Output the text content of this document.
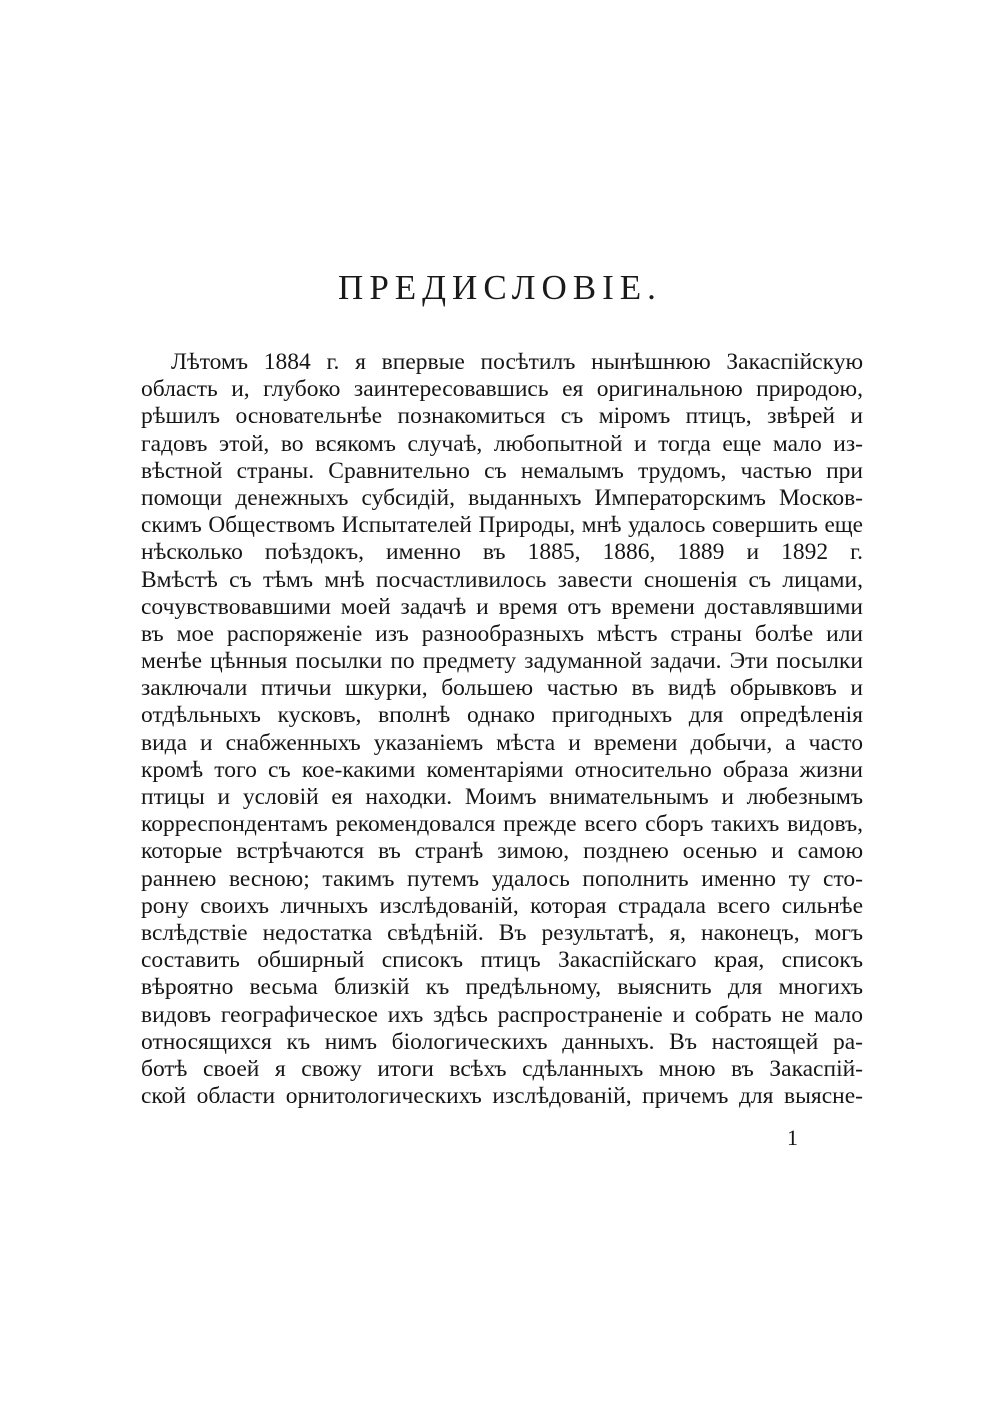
ПРЕДИСЛОВІЕ.
Лѣтомъ 1884 г. я впервые посѣтилъ нынѣшнюю Закаспійскую
область и, глубоко заинтересовавшись ея оригинальною природою,
рѣшилъ основательнѣе познакомиться съ міромъ птицъ, звѣрей и
гадовъ этой, во всякомъ случаѣ, любопытной и тогда еще мало из-
вѣстной страны. Сравнительно съ немалымъ трудомъ, частью при
помощи денежныхъ субсидій, выданныхъ Императорскимъ Москов-
скимъ Обществомъ Испытателей Природы, мнѣ удалось совершить еще
нѣсколько поѣздокъ, именно въ 1885, 1886, 1889 и 1892 г.
Вмѣстѣ съ тѣмъ мнѣ посчастливилось завести сношенія съ лицами,
сочувствовавшими моей задачѣ и время отъ времени доставлявшими
въ мое распоряженіе изъ разнообразныхъ мѣстъ страны болѣе или
менѣе цѣнныя посылки по предмету задуманной задачи. Эти посылки
заключали птичьи шкурки, большею частью въ видѣ обрывковъ и
отдѣльныхъ кусковъ, вполнѣ однако пригодныхъ для опредѣленія
вида и снабженныхъ указаніемъ мѣста и времени добычи, а часто
кромѣ того съ кое-какими коментаріями относительно образа жизни
птицы и условій ея находки. Моимъ внимательнымъ и любезнымъ
корреспондентамъ рекомендовался прежде всего сборъ такихъ видовъ,
которые встрѣчаются въ странѣ зимою, позднею осенью и самою
раннею весною; такимъ путемъ удалось пополнить именно ту сто-
рону своихъ личныхъ изслѣдованій, которая страдала всего сильнѣе
вслѣдствіе недостатка свѣдѣній. Въ результатѣ, я, наконецъ, могъ
составить обширный списокъ птицъ Закаспійскаго края, списокъ
вѣроятно весьма близкій къ предѣльному, выяснить для многихъ
видовъ географическое ихъ здѣсь распространеніе и собрать не мало
относящихся къ нимъ біологическихъ данныхъ. Въ настоящей ра-
ботѣ своей я свожу итоги всѣхъ сдѣланныхъ мною въ Закаспій-
ской области орнитологическихъ изслѣдованій, причемъ для выясне-
1
